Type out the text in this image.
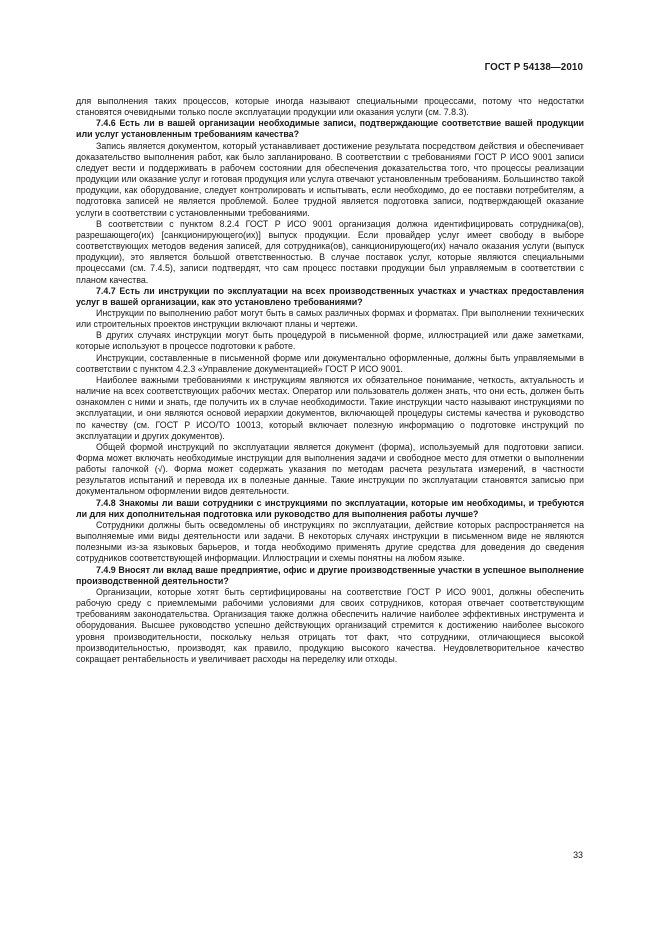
ГОСТ Р 54138—2010

для выполнения таких процессов, которые иногда называют специальными процессами, потому что недостатки становятся очевидными только после эксплуатации продукции или оказания услуги (см. 7.8.3).

7.4.6 Есть ли в вашей организации необходимые записи, подтверждающие соответствие вашей продукции или услуг установленным требованиям качества?

Запись является документом, который устанавливает достижение результата посредством действия и обеспечивает доказательство выполнения работ, как было запланировано. В соответствии с требованиями ГОСТ Р ИСО 9001 записи следует вести и поддерживать в рабочем состоянии для обеспечения доказательства того, что процессы реализации продукции или оказание услуг и готовая продукция или услуга отвечают установленным требованиям. Большинство такой продукции, как оборудование, следует контролировать и испытывать, если необходимо, до ее поставки потребителям, а подготовка записей не является проблемой. Более трудной является подготовка записи, подтверждающей оказание услуги в соответствии с установленными требованиями.

В соответствии с пунктом 8.2.4 ГОСТ Р ИСО 9001 организация должна идентифицировать сотрудника(ов), разрешающего(их) [санкционирующего(их)] выпуск продукции. Если провайдер услуг имеет свободу в выборе соответствующих методов ведения записей, для сотрудника(ов), санкционирующего(их) начало оказания услуги (выпуск продукции), это является большой ответственностью. В случае поставок услуг, которые являются специальными процессами (см. 7.4.5), записи подтвердят, что сам процесс поставки продукции был управляемым в соответствии с планом качества.

7.4.7 Есть ли инструкции по эксплуатации на всех производственных участках и участках предоставления услуг в вашей организации, как это установлено требованиями?

Инструкции по выполнению работ могут быть в самых различных формах и форматах. При выполнении технических или строительных проектов инструкции включают планы и чертежи.

В других случаях инструкции могут быть процедурой в письменной форме, иллюстрацией или даже заметками, которые используют в процессе подготовки к работе.

Инструкции, составленные в письменной форме или документально оформленные, должны быть управляемыми в соответствии с пунктом 4.2.3 «Управление документацией» ГОСТ Р ИСО 9001.

Наиболее важными требованиями к инструкциям являются их обязательное понимание, четкость, актуальность и наличие на всех соответствующих рабочих местах. Оператор или пользователь должен знать, что они есть, должен быть ознакомлен с ними и знать, где получить их в случае необходимости. Такие инструкции часто называют инструкциями по эксплуатации, и они являются основой иерархии документов, включающей процедуры системы качества и руководство по качеству (см. ГОСТ Р ИСО/ТО 10013, который включает полезную информацию о подготовке инструкций по эксплуатации и других документов).

Общей формой инструкций по эксплуатации является документ (форма), используемый для подготовки записи. Форма может включать необходимые инструкции для выполнения задачи и свободное место для отметки о выполнении работы галочкой (√). Форма может содержать указания по методам расчета результата измерений, в частности результатов испытаний и перевода их в полезные данные. Такие инструкции по эксплуатации становятся записью при документальном оформлении видов деятельности.

7.4.8 Знакомы ли ваши сотрудники с инструкциями по эксплуатации, которые им необходимы, и требуются ли для них дополнительная подготовка или руководство для выполнения работы лучше?

Сотрудники должны быть осведомлены об инструкциях по эксплуатации, действие которых распространяется на выполняемые ими виды деятельности или задачи. В некоторых случаях инструкции в письменном виде не являются полезными из-за языковых барьеров, и тогда необходимо применять другие средства для доведения до сведения сотрудников соответствующей информации. Иллюстрации и схемы понятны на любом языке.

7.4.9 Вносят ли вклад ваше предприятие, офис и другие производственные участки в успешное выполнение производственной деятельности?

Организации, которые хотят быть сертифицированы на соответствие ГОСТ Р ИСО 9001, должны обеспечить рабочую среду с приемлемыми рабочими условиями для своих сотрудников, которая отвечает соответствующим требованиям законодательства. Организация также должна обеспечить наличие наиболее эффективных инструмента и оборудования. Высшее руководство успешно действующих организаций стремится к достижению наиболее высокого уровня производительности, поскольку нельзя отрицать тот факт, что сотрудники, отличающиеся высокой производительностью, производят, как правило, продукцию высокого качества. Неудовлетворительное качество сокращает рентабельность и увеличивает расходы на переделку или отходы.

33
